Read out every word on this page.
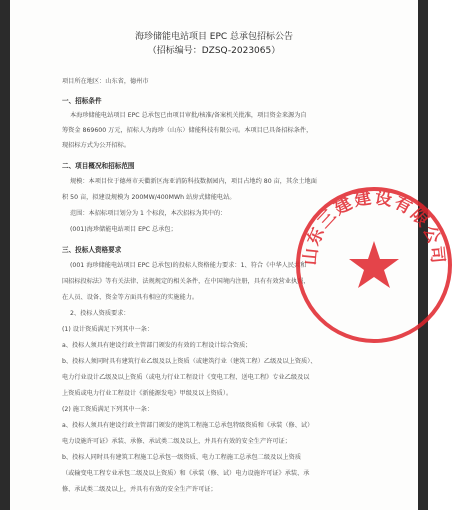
海珍储能电站项目 EPC 总承包招标公告
（招标编号：DZSQ-2023065）
项目所在地区：山东省，德州市
一、招标条件
本海珍储能电站项目 EPC 总承包已由项目审批/核准/备案机关批准，项目资金来源为自
筹资金 869600 万元，招标人为海珍（山东）储能科技有限公司。本项目已具备招标条件，
现招标方式为公开招标。
二、项目概况和招标范围
规模：本项目位于德州市天衢新区海亚消防科技数据园内，项目占地约 80 亩，其余土地面
积 50 亩，拟建设规模为 200MW/400MWh 站房式储能电站。
范围：本招标项目划分为 1 个标段，本次招标为其中的：
(001)海珍储能电站项目 EPC 总承包；
三、投标人资格要求
(001 海珍储能电站项目 EPC 总承包)的投标人资格能力要求：1、符合《中华人民共和
国招标投标法》等有关法律、法规规定的相关条件，在中国境内注册，具有有效营业执照，
在人员、设备、资金等方面具有相应的实施能力。
2、投标人资质要求：
(1) 设计资质满足下列其中一条：
a、投标人须具有建设行政主管部门颁发的有效的工程设计综合资质；
b、投标人须同时具有建筑行业乙级及以上资质（或建筑行业（建筑工程）乙级及以上资质）、
电力行业设计乙级及以上资质（或电力行业工程设计《变电工程、送电工程》专业乙级及以
上资质或电力行业工程设计《新能源发电》甲级及以上资质）。
(2) 施工资质满足下列其中一条：
a、投标人须具有建设行政主管部门颁发的建筑工程施工总承包特级资质和《承装（修、试）
电力设施许可证》承装、承修、承试类二级及以上，并具有有效的安全生产许可证；
b、投标人同时具有建筑工程施工总承包一级资质、电力工程施工总承包二级及以上资质
（或输变电工程专业承包二级及以上资质）和《承装（修、试）电力设施许可证》承装、承
修、承试类二级及以上，并具有有效的安全生产许可证；
山东三建建设有限公司
